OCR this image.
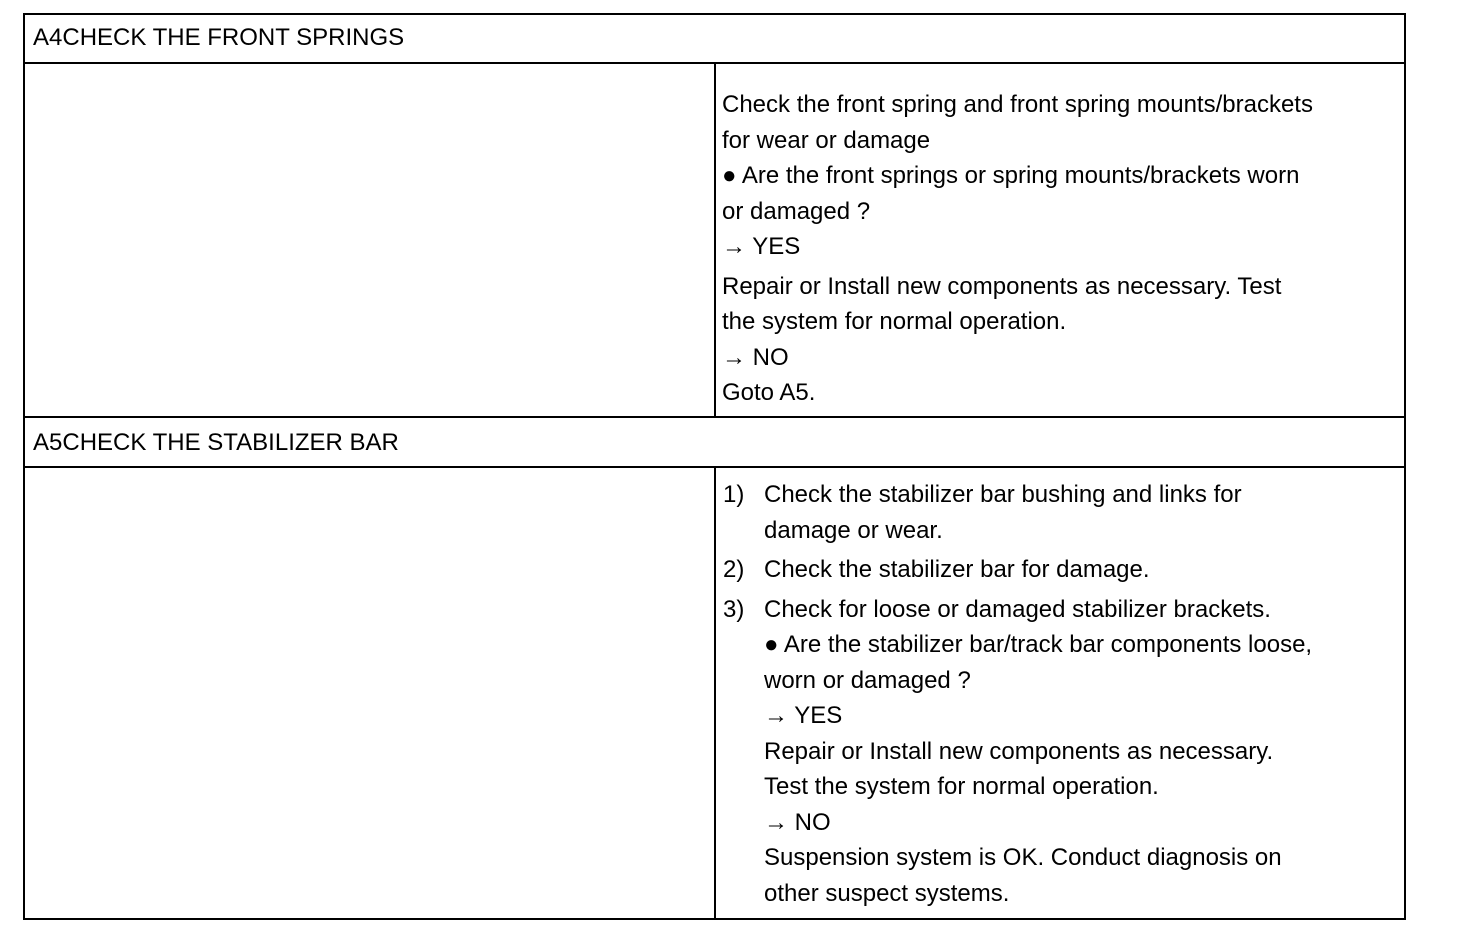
A4CHECK THE FRONT SPRINGS
Check the front spring and front spring mounts/brackets
for wear or damage
● Are the front springs or spring mounts/brackets worn
or damaged ?
→ YES
Repair or Install new components as necessary. Test
the system for normal operation.
→ NO
Goto A5.
A5CHECK THE STABILIZER BAR
1) Check the stabilizer bar bushing and links for
damage or wear.
2) Check the stabilizer bar for damage.
3) Check for loose or damaged stabilizer brackets.
● Are the stabilizer bar/track bar components loose,
worn or damaged ?
→ YES
Repair or Install new components as necessary.
Test the system for normal operation.
→ NO
Suspension system is OK. Conduct diagnosis on
other suspect systems.
